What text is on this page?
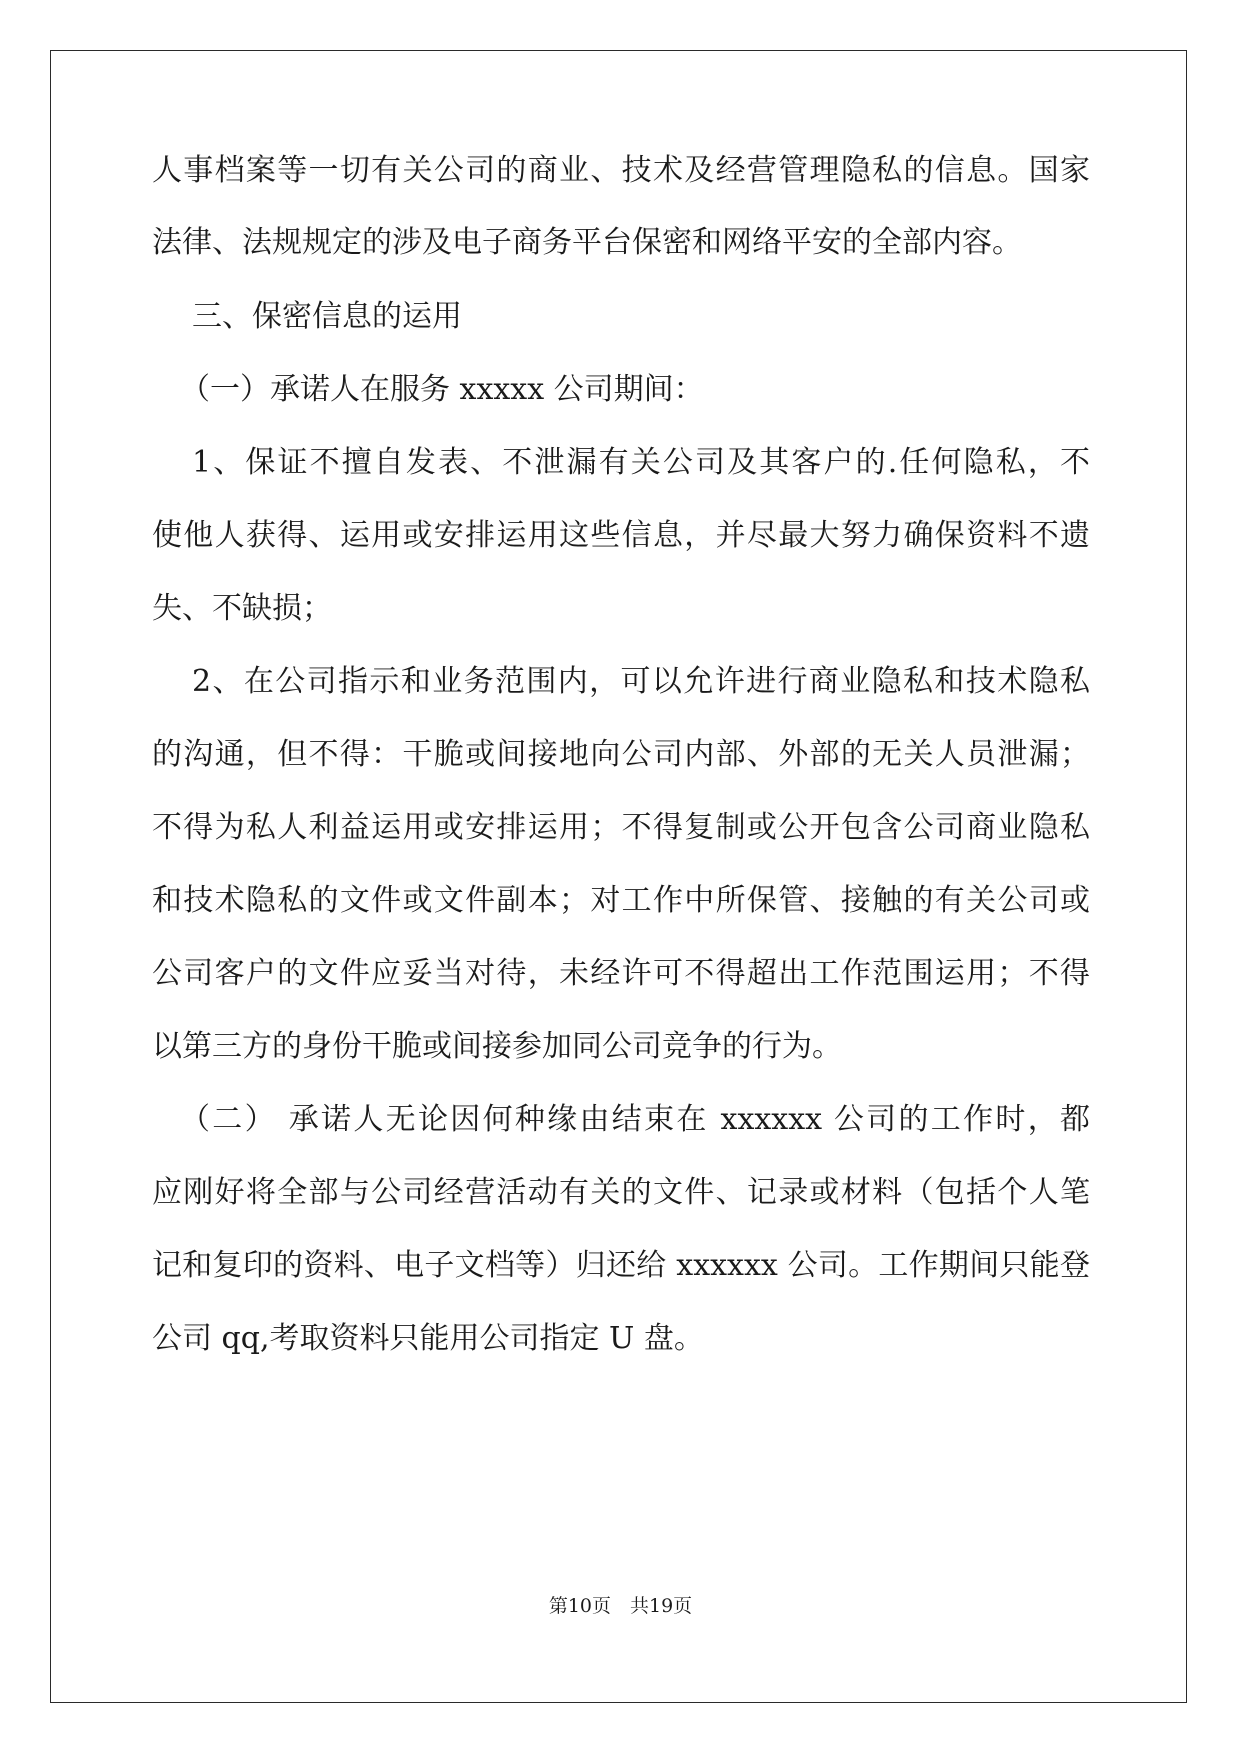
人事档案等一切有关公司的商业、技术及经营管理隐私的信息。国家
法律、法规规定的涉及电子商务平台保密和网络平安的全部内容。
三、保密信息的运用
（一）承诺人在服务 xxxxx 公司期间：
1、保证不擅自发表、不泄漏有关公司及其客户的.任何隐私，不
使他人获得、运用或安排运用这些信息，并尽最大努力确保资料不遗
失、不缺损；
2、在公司指示和业务范围内，可以允许进行商业隐私和技术隐私
的沟通，但不得：干脆或间接地向公司内部、外部的无关人员泄漏；
不得为私人利益运用或安排运用；不得复制或公开包含公司商业隐私
和技术隐私的文件或文件副本；对工作中所保管、接触的有关公司或
公司客户的文件应妥当对待，未经许可不得超出工作范围运用；不得
以第三方的身份干脆或间接参加同公司竞争的行为。
（二） 承诺人无论因何种缘由结束在 xxxxxx 公司的工作时，都
应刚好将全部与公司经营活动有关的文件、记录或材料（包括个人笔
记和复印的资料、电子文档等）归还给 xxxxxx 公司。工作期间只能登
公司 qq,考取资料只能用公司指定 U 盘。
第10页　共19页
